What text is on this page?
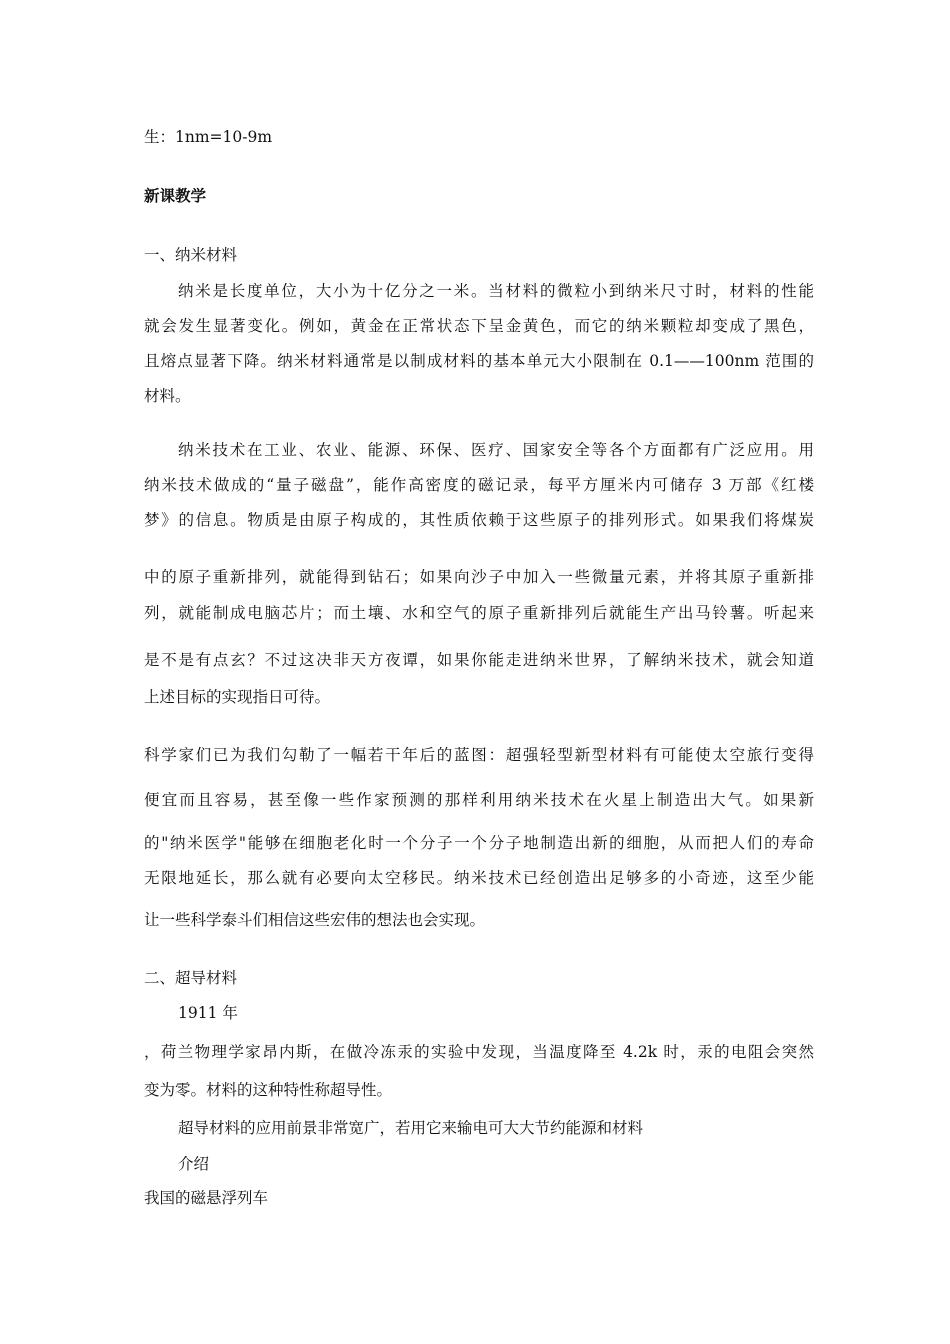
生：1nm=10-9m
新课教学
一、纳米材料
纳米是长度单位，大小为十亿分之一米。当材料的微粒小到纳米尺寸时，材料的性能
就会发生显著变化。例如，黄金在正常状态下呈金黄色，而它的纳米颗粒却变成了黑色，
且熔点显著下降。纳米材料通常是以制成材料的基本单元大小限制在 0.1——100nm 范围的
材料。
纳米技术在工业、农业、能源、环保、医疗、国家安全等各个方面都有广泛应用。用
纳米技术做成的“量子磁盘”，能作高密度的磁记录，每平方厘米内可储存 3 万部《红楼
梦》的信息。物质是由原子构成的，其性质依赖于这些原子的排列形式。如果我们将煤炭
中的原子重新排列，就能得到钻石；如果向沙子中加入一些微量元素，并将其原子重新排
列，就能制成电脑芯片；而土壤、水和空气的原子重新排列后就能生产出马铃薯。听起来
是不是有点玄？不过这决非天方夜谭，如果你能走进纳米世界，了解纳米技术，就会知道
上述目标的实现指日可待。
科学家们已为我们勾勒了一幅若干年后的蓝图：超强轻型新型材料有可能使太空旅行变得
便宜而且容易，甚至像一些作家预测的那样利用纳米技术在火星上制造出大气。如果新
的"纳米医学"能够在细胞老化时一个分子一个分子地制造出新的细胞，从而把人们的寿命
无限地延长，那么就有必要向太空移民。纳米技术已经创造出足够多的小奇迹，这至少能
让一些科学泰斗们相信这些宏伟的想法也会实现。
二、超导材料
1911 年
，荷兰物理学家昂内斯，在做冷冻汞的实验中发现，当温度降至 4.2k 时，汞的电阻会突然
变为零。材料的这种特性称超导性。
超导材料的应用前景非常宽广，若用它来输电可大大节约能源和材料
介绍
我国的磁悬浮列车
